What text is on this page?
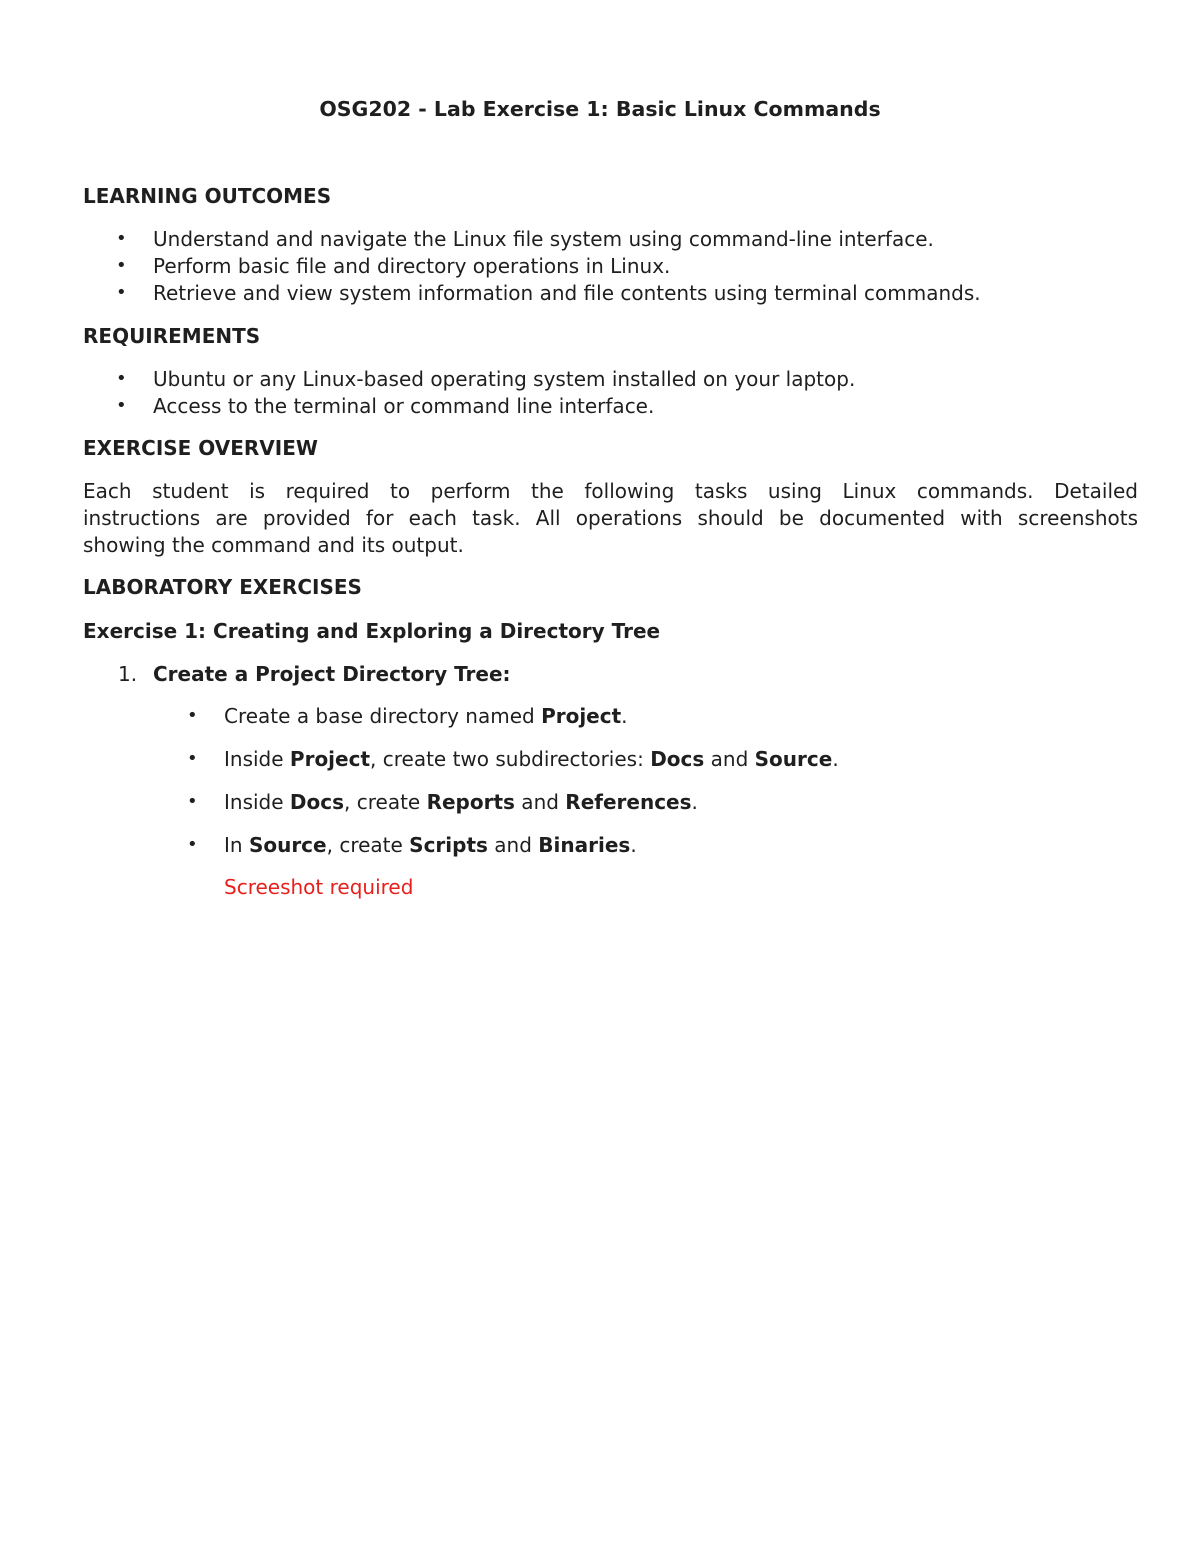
OSG202 - Lab Exercise 1: Basic Linux Commands
LEARNING OUTCOMES
• Understand and navigate the Linux file system using command-line interface.
• Perform basic file and directory operations in Linux.
• Retrieve and view system information and file contents using terminal commands.
REQUIREMENTS
• Ubuntu or any Linux-based operating system installed on your laptop.
• Access to the terminal or command line interface.
EXERCISE OVERVIEW
Each student is required to perform the following tasks using Linux commands. Detailed
instructions are provided for each task. All operations should be documented with screenshots
showing the command and its output.
LABORATORY EXERCISES
Exercise 1: Creating and Exploring a Directory Tree
1. Create a Project Directory Tree:
• Create a base directory named Project.
• Inside Project, create two subdirectories: Docs and Source.
• Inside Docs, create Reports and References.
• In Source, create Scripts and Binaries.
Screeshot required
